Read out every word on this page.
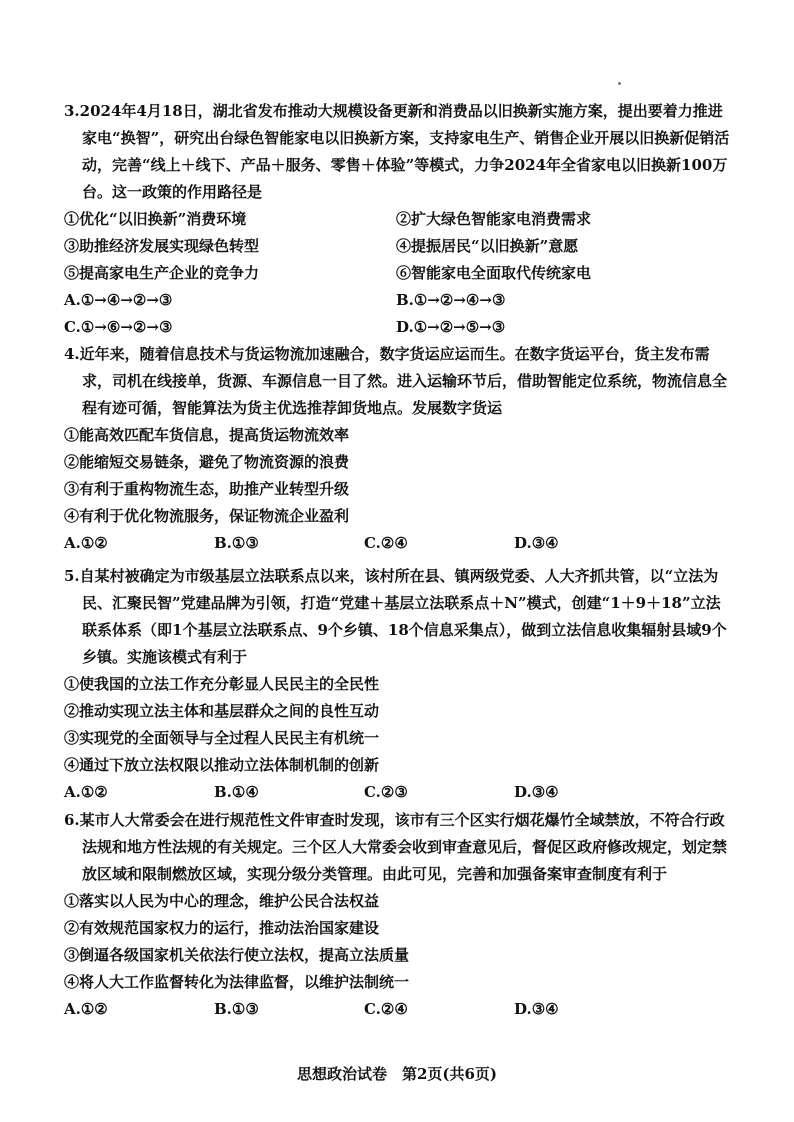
3.2024年4月18日，湖北省发布推动大规模设备更新和消费品以旧换新实施方案，提出要着力推进家电“换智”，研究出台绿色智能家电以旧换新方案，支持家电生产、销售企业开展以旧换新促销活动，完善“线上＋线下、产品＋服务、零售＋体验”等模式，力争2024年全省家电以旧换新100万台。这一政策的作用路径是

①优化“以旧换新”消费环境	②扩大绿色智能家电消费需求
③助推经济发展实现绿色转型	④提振居民“以旧换新”意愿
⑤提高家电生产企业的竞争力	⑥智能家电全面取代传统家电
A.①→④→②→③	B.①→②→④→③
C.①→⑥→②→③	D.①→②→⑤→③

4.近年来，随着信息技术与货运物流加速融合，数字货运应运而生。在数字货运平台，货主发布需求，司机在线接单，货源、车源信息一目了然。进入运输环节后，借助智能定位系统，物流信息全程有迹可循，智能算法为货主优选推荐卸货地点。发展数字货运

①能高效匹配车货信息，提高货运物流效率

②能缩短交易链条，避免了物流资源的浪费

③有利于重构物流生态，助推产业转型升级

④有利于优化物流服务，保证物流企业盈利

A.①②	B.①③	C.②④	D.③④

5.自某村被确定为市级基层立法联系点以来，该村所在县、镇两级党委、人大齐抓共管，以“立法为民、汇聚民智”党建品牌为引领，打造“党建＋基层立法联系点＋N”模式，创建“1＋9＋18”立法联系体系（即1个基层立法联系点、9个乡镇、18个信息采集点），做到立法信息收集辐射县域9个乡镇。实施该模式有利于

①使我国的立法工作充分彰显人民民主的全民性

②推动实现立法主体和基层群众之间的良性互动

③实现党的全面领导与全过程人民民主有机统一

④通过下放立法权限以推动立法体制机制的创新

A.①②	B.①④	C.②③	D.③④

6.某市人大常委会在进行规范性文件审查时发现，该市有三个区实行烟花爆竹全域禁放，不符合行政法规和地方性法规的有关规定。三个区人大常委会收到审查意见后，督促区政府修改规定，划定禁放区域和限制燃放区域，实现分级分类管理。由此可见，完善和加强备案审查制度有利于

①落实以人民为中心的理念，维护公民合法权益

②有效规范国家权力的运行，推动法治国家建设

③倒逼各级国家机关依法行使立法权，提高立法质量

④将人大工作监督转化为法律监督，以维护法制统一

A.①②	B.①③	C.②④	D.③④
思想政治试卷　第2页(共6页)
